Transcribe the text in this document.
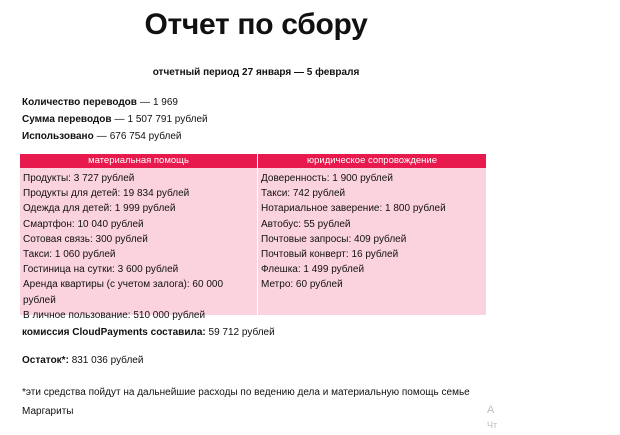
Отчет по сбору
отчетный период 27 января — 5 февраля
Количество переводов — 1 969
Сумма переводов — 1 507 791 рублей
Использовано — 676 754 рублей
материальная помощь	юридическое сопровождение
Продукты: 3 727 рублей
Продукты для детей: 19 834 рублей
Одежда для детей: 1 999 рублей
Смартфон: 10 040 рублей
Сотовая связь: 300 рублей
Такси: 1 060 рублей
Гостиница на сутки: 3 600 рублей
Аренда квартиры (с учетом залога): 60 000 рублей
В личное пользование: 510 000 рублей
Доверенность: 1 900 рублей
Такси: 742 рублей
Нотариальное заверение: 1 800 рублей
Автобус: 55 рублей
Почтовые запросы: 409 рублей
Почтовый конверт: 16 рублей
Флешка: 1 499 рублей
Метро: 60 рублей
комиссия CloudPayments составила: 59 712 рублей
Остаток*: 831 036 рублей
*эти средства пойдут на дальнейшие расходы по ведению дела и материальную помощь семье Маргариты	А
Чт
